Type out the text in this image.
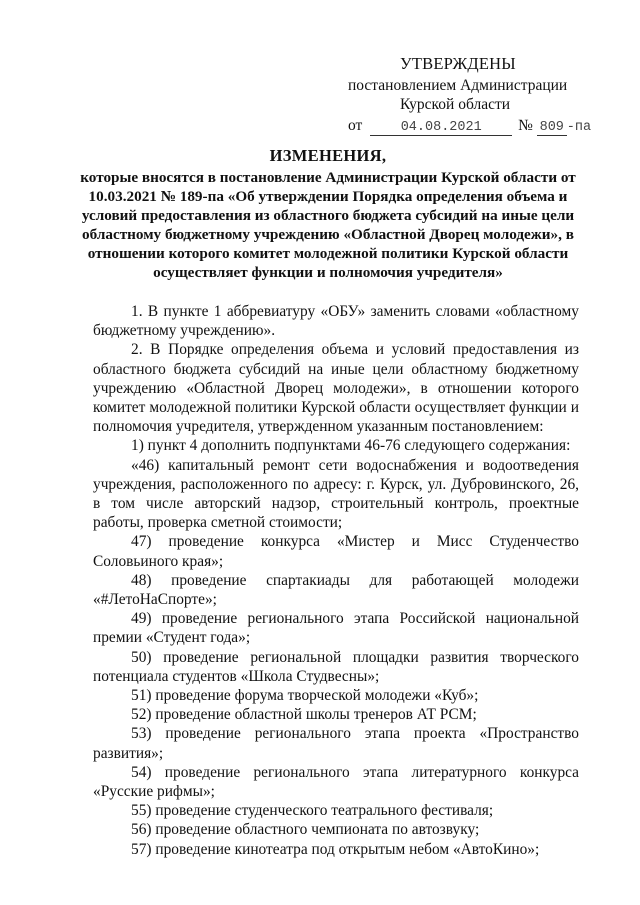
УТВЕРЖДЕНЫ
постановлением Администрации
Курской области
от	04.08.2021 № 809 -па
ИЗМЕНЕНИЯ,
которые вносятся в постановление Администрации Курской области от 10.03.2021 № 189-па «Об утверждении Порядка определения объема и условий предоставления из областного бюджета субсидий на иные цели областному бюджетному учреждению «Областной Дворец молодежи», в отношении которого комитет молодежной политики Курской области осуществляет функции и полномочия учредителя»

1. В пункте 1 аббревиатуру «ОБУ» заменить словами «областному бюджетному учреждению».

2. В Порядке определения объема и условий предоставления из областного бюджета субсидий на иные цели областному бюджетному учреждению «Областной Дворец молодежи», в отношении которого комитет молодежной политики Курской области осуществляет функции и полномочия учредителя, утвержденном указанным постановлением:

1) пункт 4 дополнить подпунктами 46-76 следующего содержания:

«46) капитальный ремонт сети водоснабжения и водоотведения учреждения, расположенного по адресу: г. Курск, ул. Дубровинского, 26, в том числе авторский надзор, строительный контроль, проектные работы, проверка сметной стоимости;

47) проведение конкурса «Мистер и Мисс Студенчество Соловьиного края»;

48) проведение спартакиады для работающей молодежи «#ЛетоНаСпорте»;

49) проведение регионального этапа Российской национальной премии «Студент года»;

50) проведение региональной площадки развития творческого потенциала студентов «Школа Студвесны»;

51) проведение форума творческой молодежи «Куб»;

52) проведение областной школы тренеров АТ РСМ;

53) проведение регионального этапа проекта «Пространство развития»;

54) проведение регионального этапа литературного конкурса «Русские рифмы»;

55) проведение студенческого театрального фестиваля;

56) проведение областного чемпионата по автозвуку;

57) проведение кинотеатра под открытым небом «АвтоКино»;
